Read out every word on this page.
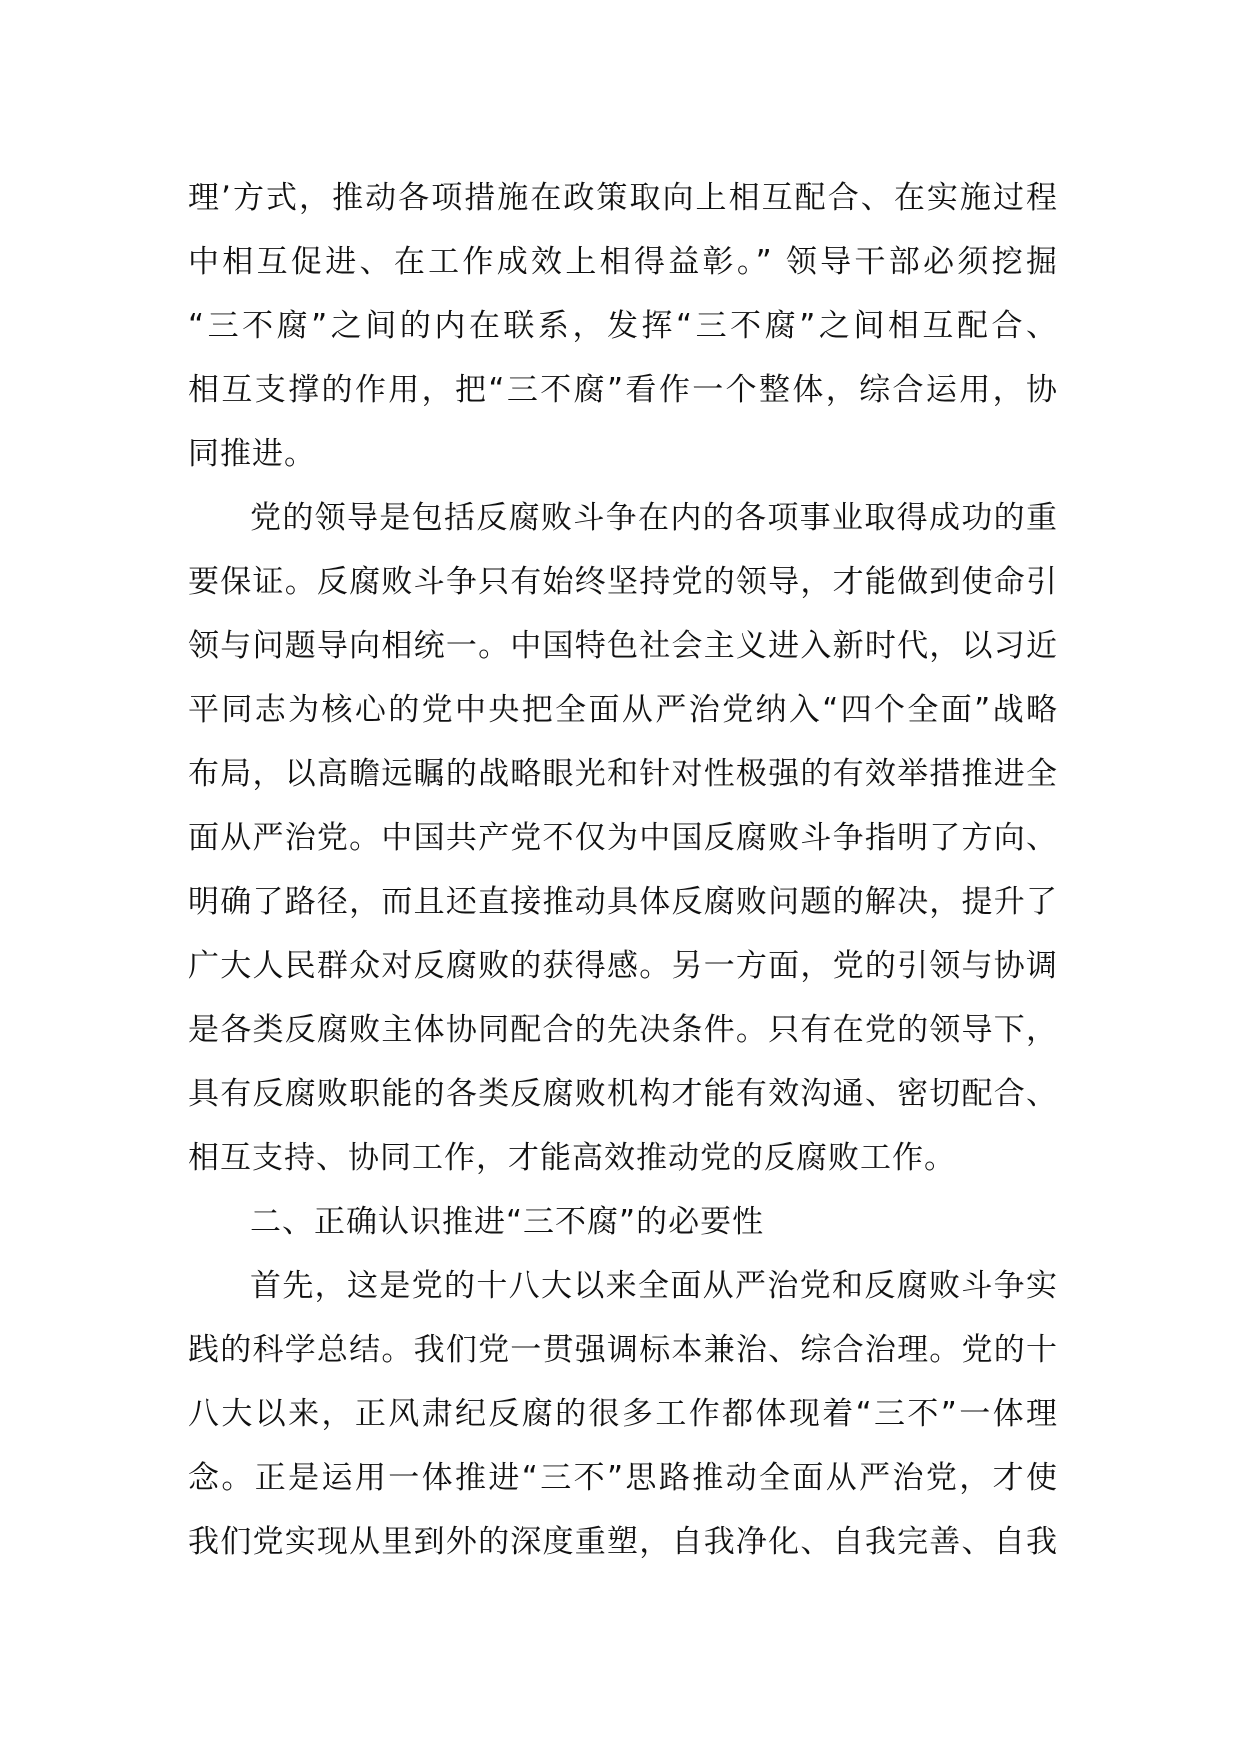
理’方式，推动各项措施在政策取向上相互配合、在实施过程
中相互促进、在工作成效上相得益彰。” 领导干部必须挖掘
“三不腐”之间的内在联系，发挥“三不腐”之间相互配合、
相互支撑的作用，把“三不腐”看作一个整体，综合运用，协
同推进。
党的领导是包括反腐败斗争在内的各项事业取得成功的重
要保证。反腐败斗争只有始终坚持党的领导，才能做到使命引
领与问题导向相统一。中国特色社会主义进入新时代，以习近
平同志为核心的党中央把全面从严治党纳入“四个全面”战略
布局，以高瞻远瞩的战略眼光和针对性极强的有效举措推进全
面从严治党。中国共产党不仅为中国反腐败斗争指明了方向、
明确了路径，而且还直接推动具体反腐败问题的解决，提升了
广大人民群众对反腐败的获得感。另一方面，党的引领与协调
是各类反腐败主体协同配合的先决条件。只有在党的领导下，
具有反腐败职能的各类反腐败机构才能有效沟通、密切配合、
相互支持、协同工作，才能高效推动党的反腐败工作。
二、正确认识推进“三不腐”的必要性
首先，这是党的十八大以来全面从严治党和反腐败斗争实
践的科学总结。我们党一贯强调标本兼治、综合治理。党的十
八大以来，正风肃纪反腐的很多工作都体现着“三不”一体理
念。正是运用一体推进“三不”思路推动全面从严治党，才使
我们党实现从里到外的深度重塑，自我净化、自我完善、自我
